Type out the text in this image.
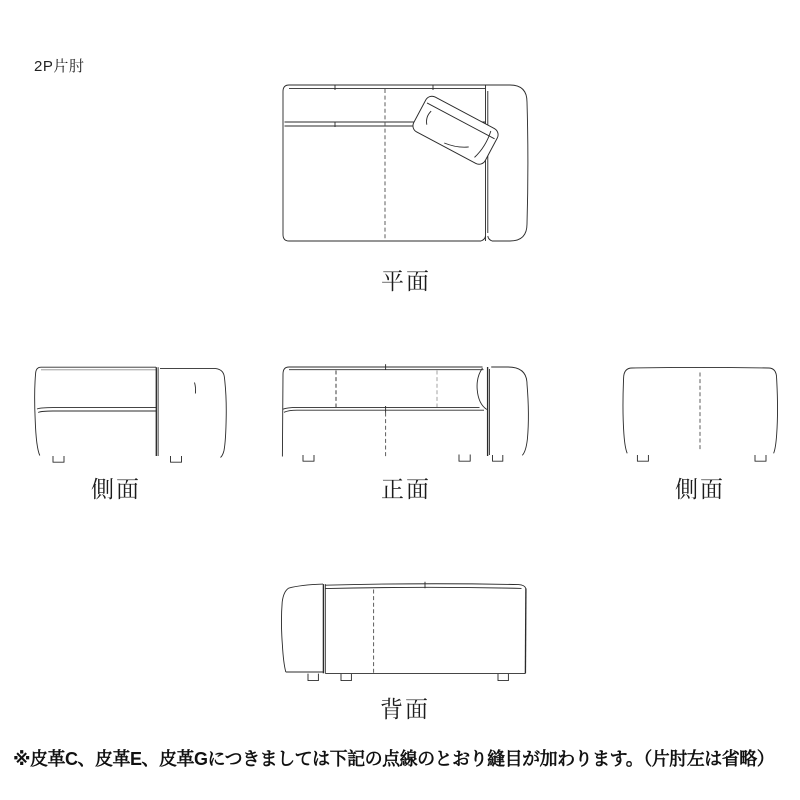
2P片肘
平面
側面	正面	側面
背面
※皮革C、皮革E、皮革Gにつきましては下記の点線のとおり縫目が加わります。（片肘左は省略）
